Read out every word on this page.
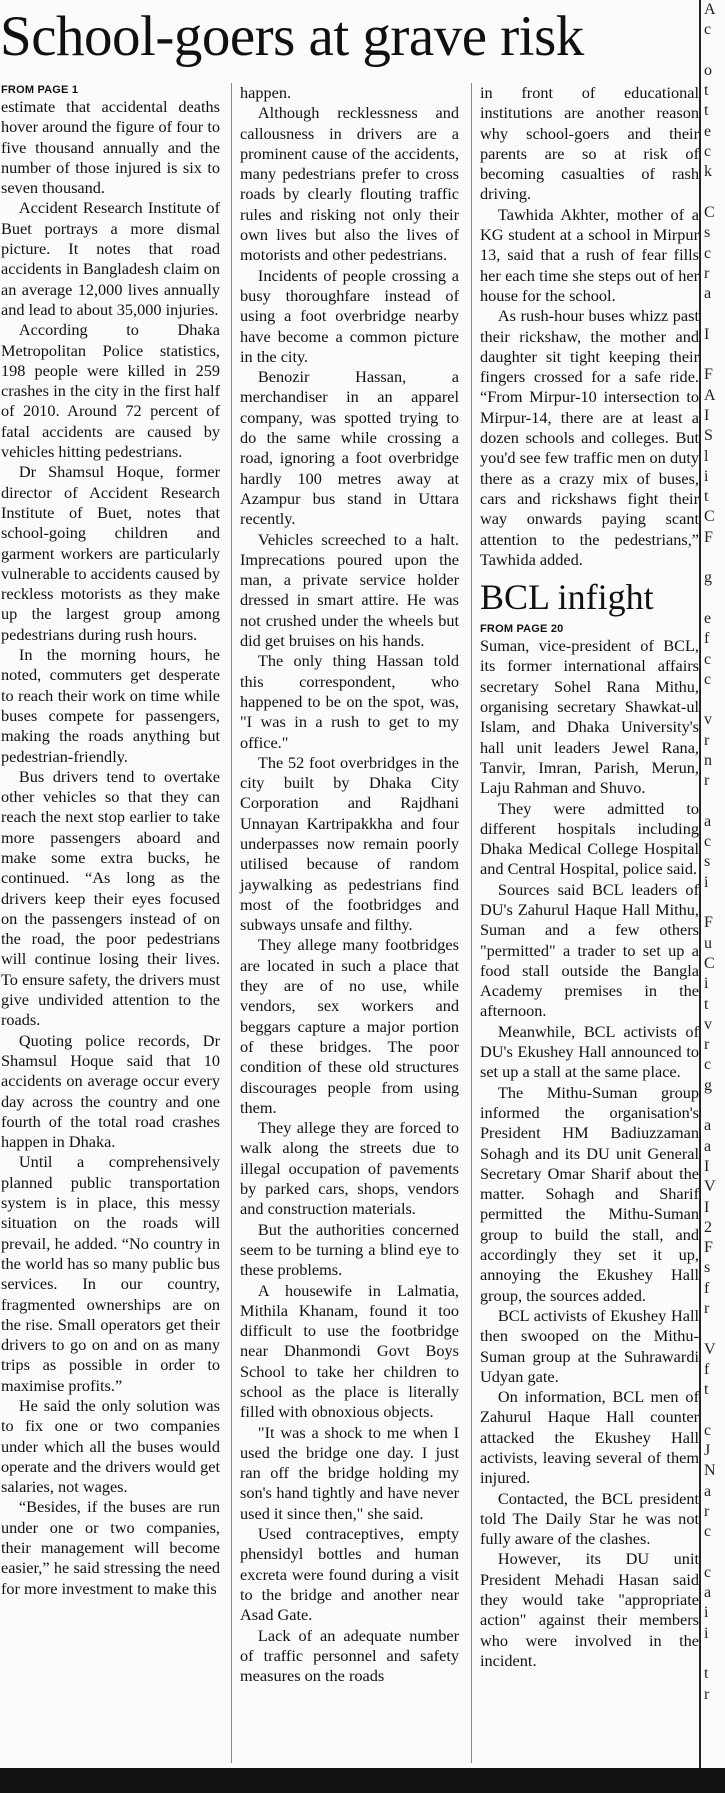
School-goers at grave risk
FROM PAGE 1

estimate that accidental deaths hover around the figure of four to five thousand annually and the number of those injured is six to seven thousand.

Accident Research Institute of Buet portrays a more dismal picture. It notes that road accidents in Bangladesh claim on an average 12,000 lives annually and lead to about 35,000 injuries.

According to Dhaka Metropolitan Police statistics, 198 people were killed in 259 crashes in the city in the first half of 2010. Around 72 percent of fatal accidents are caused by vehicles hitting pedestrians.

Dr Shamsul Hoque, former director of Accident Research Institute of Buet, notes that school-going children and garment workers are particularly vulnerable to accidents caused by reckless motorists as they make up the largest group among pedestrians during rush hours.

In the morning hours, he noted, commuters get desperate to reach their work on time while buses compete for passengers, making the roads anything but pedestrian-friendly.

Bus drivers tend to overtake other vehicles so that they can reach the next stop earlier to take more passengers aboard and make some extra bucks, he continued. “As long as the drivers keep their eyes focused on the passengers instead of on the road, the poor pedestrians will continue losing their lives. To ensure safety, the drivers must give undivided attention to the roads.

Quoting police records, Dr Shamsul Hoque said that 10 accidents on average occur every day across the country and one fourth of the total road crashes happen in Dhaka.

Until a comprehensively planned public transportation system is in place, this messy situation on the roads will prevail, he added. “No country in the world has so many public bus services. In our country, fragmented ownerships are on the rise. Small operators get their drivers to go on and on as many trips as possible in order to maximise profits.”

He said the only solution was to fix one or two companies under which all the buses would operate and the drivers would get salaries, not wages.

“Besides, if the buses are run under one or two companies, their management will become easier,” he said stressing the need for more investment to make this

happen.

Although recklessness and callousness in drivers are a prominent cause of the accidents, many pedestrians prefer to cross roads by clearly flouting traffic rules and risking not only their own lives but also the lives of motorists and other pedestrians.

Incidents of people crossing a busy thoroughfare instead of using a foot overbridge nearby have become a common picture in the city.

Benozir Hassan, a merchandiser in an apparel company, was spotted trying to do the same while crossing a road, ignoring a foot overbridge hardly 100 metres away at Azampur bus stand in Uttara recently.

Vehicles screeched to a halt. Imprecations poured upon the man, a private service holder dressed in smart attire. He was not crushed under the wheels but did get bruises on his hands.

The only thing Hassan told this correspondent, who happened to be on the spot, was, "I was in a rush to get to my office."

The 52 foot overbridges in the city built by Dhaka City Corporation and Rajdhani Unnayan Kartripakkha and four underpasses now remain poorly utilised because of random jaywalking as pedestrians find most of the footbridges and subways unsafe and filthy.

They allege many footbridges are located in such a place that they are of no use, while vendors, sex workers and beggars capture a major portion of these bridges. The poor condition of these old structures discourages people from using them.

They allege they are forced to walk along the streets due to illegal occupation of pavements by parked cars, shops, vendors and construction materials.

But the authorities concerned seem to be turning a blind eye to these problems.

A housewife in Lalmatia, Mithila Khanam, found it too difficult to use the footbridge near Dhanmondi Govt Boys School to take her children to school as the place is literally filled with obnoxious objects.

"It was a shock to me when I used the bridge one day. I just ran off the bridge holding my son's hand tightly and have never used it since then," she said.

Used contraceptives, empty phensidyl bottles and human excreta were found during a visit to the bridge and another near Asad Gate.

Lack of an adequate number of traffic personnel and safety measures on the roads

in front of educational institutions are another reason why school-goers and their parents are so at risk of becoming casualties of rash driving.

Tawhida Akhter, mother of a KG student at a school in Mirpur 13, said that a rush of fear fills her each time she steps out of her house for the school.

As rush-hour buses whizz past their rickshaw, the mother and daughter sit tight keeping their fingers crossed for a safe ride. “From Mirpur-10 intersection to Mirpur-14, there are at least a dozen schools and colleges. But you'd see few traffic men on duty there as a crazy mix of buses, cars and rickshaws fight their way onwards paying scant attention to the pedestrians,” Tawhida added.

BCL infight
FROM PAGE 20

Suman, vice-president of BCL, its former international affairs secretary Sohel Rana Mithu, organising secretary Shawkat-ul Islam, and Dhaka University's hall unit leaders Jewel Rana, Tanvir, Imran, Parish, Merun, Laju Rahman and Shuvo.

They were admitted to different hospitals including Dhaka Medical College Hospital and Central Hospital, police said.

Sources said BCL leaders of DU's Zahurul Haque Hall Mithu, Suman and a few others "permitted" a trader to set up a food stall outside the Bangla Academy premises in the afternoon.

Meanwhile, BCL activists of DU's Ekushey Hall announced to set up a stall at the same place.

The Mithu-Suman group informed the organisation's President HM Badiuzzaman Sohagh and its DU unit General Secretary Omar Sharif about the matter. Sohagh and Sharif permitted the Mithu-Suman group to build the stall, and accordingly they set it up, annoying the Ekushey Hall group, the sources added.

BCL activists of Ekushey Hall then swooped on the Mithu-Suman group at the Suhrawardi Udyan gate.

On information, BCL men of Zahurul Haque Hall counter attacked the Ekushey Hall activists, leaving several of them injured.

Contacted, the BCL president told The Daily Star he was not fully aware of the clashes.

However, its DU unit President Mehadi Hasan said they would take "appropriate action" against their members who were involved in the incident.

A
c

o
t
t
e
c
k

C
s
c
r
a

I

F
A
I
S
l
i
t
C
F

g

e
f
c
c

v
r
n
r

a
c
s
i

F
u
C
i
t
v
r
c
g

a
a
I
V
I
2
F
s
f
r

V
f
t

c
J
N
a
r
c

c
a
i
i

t
r
